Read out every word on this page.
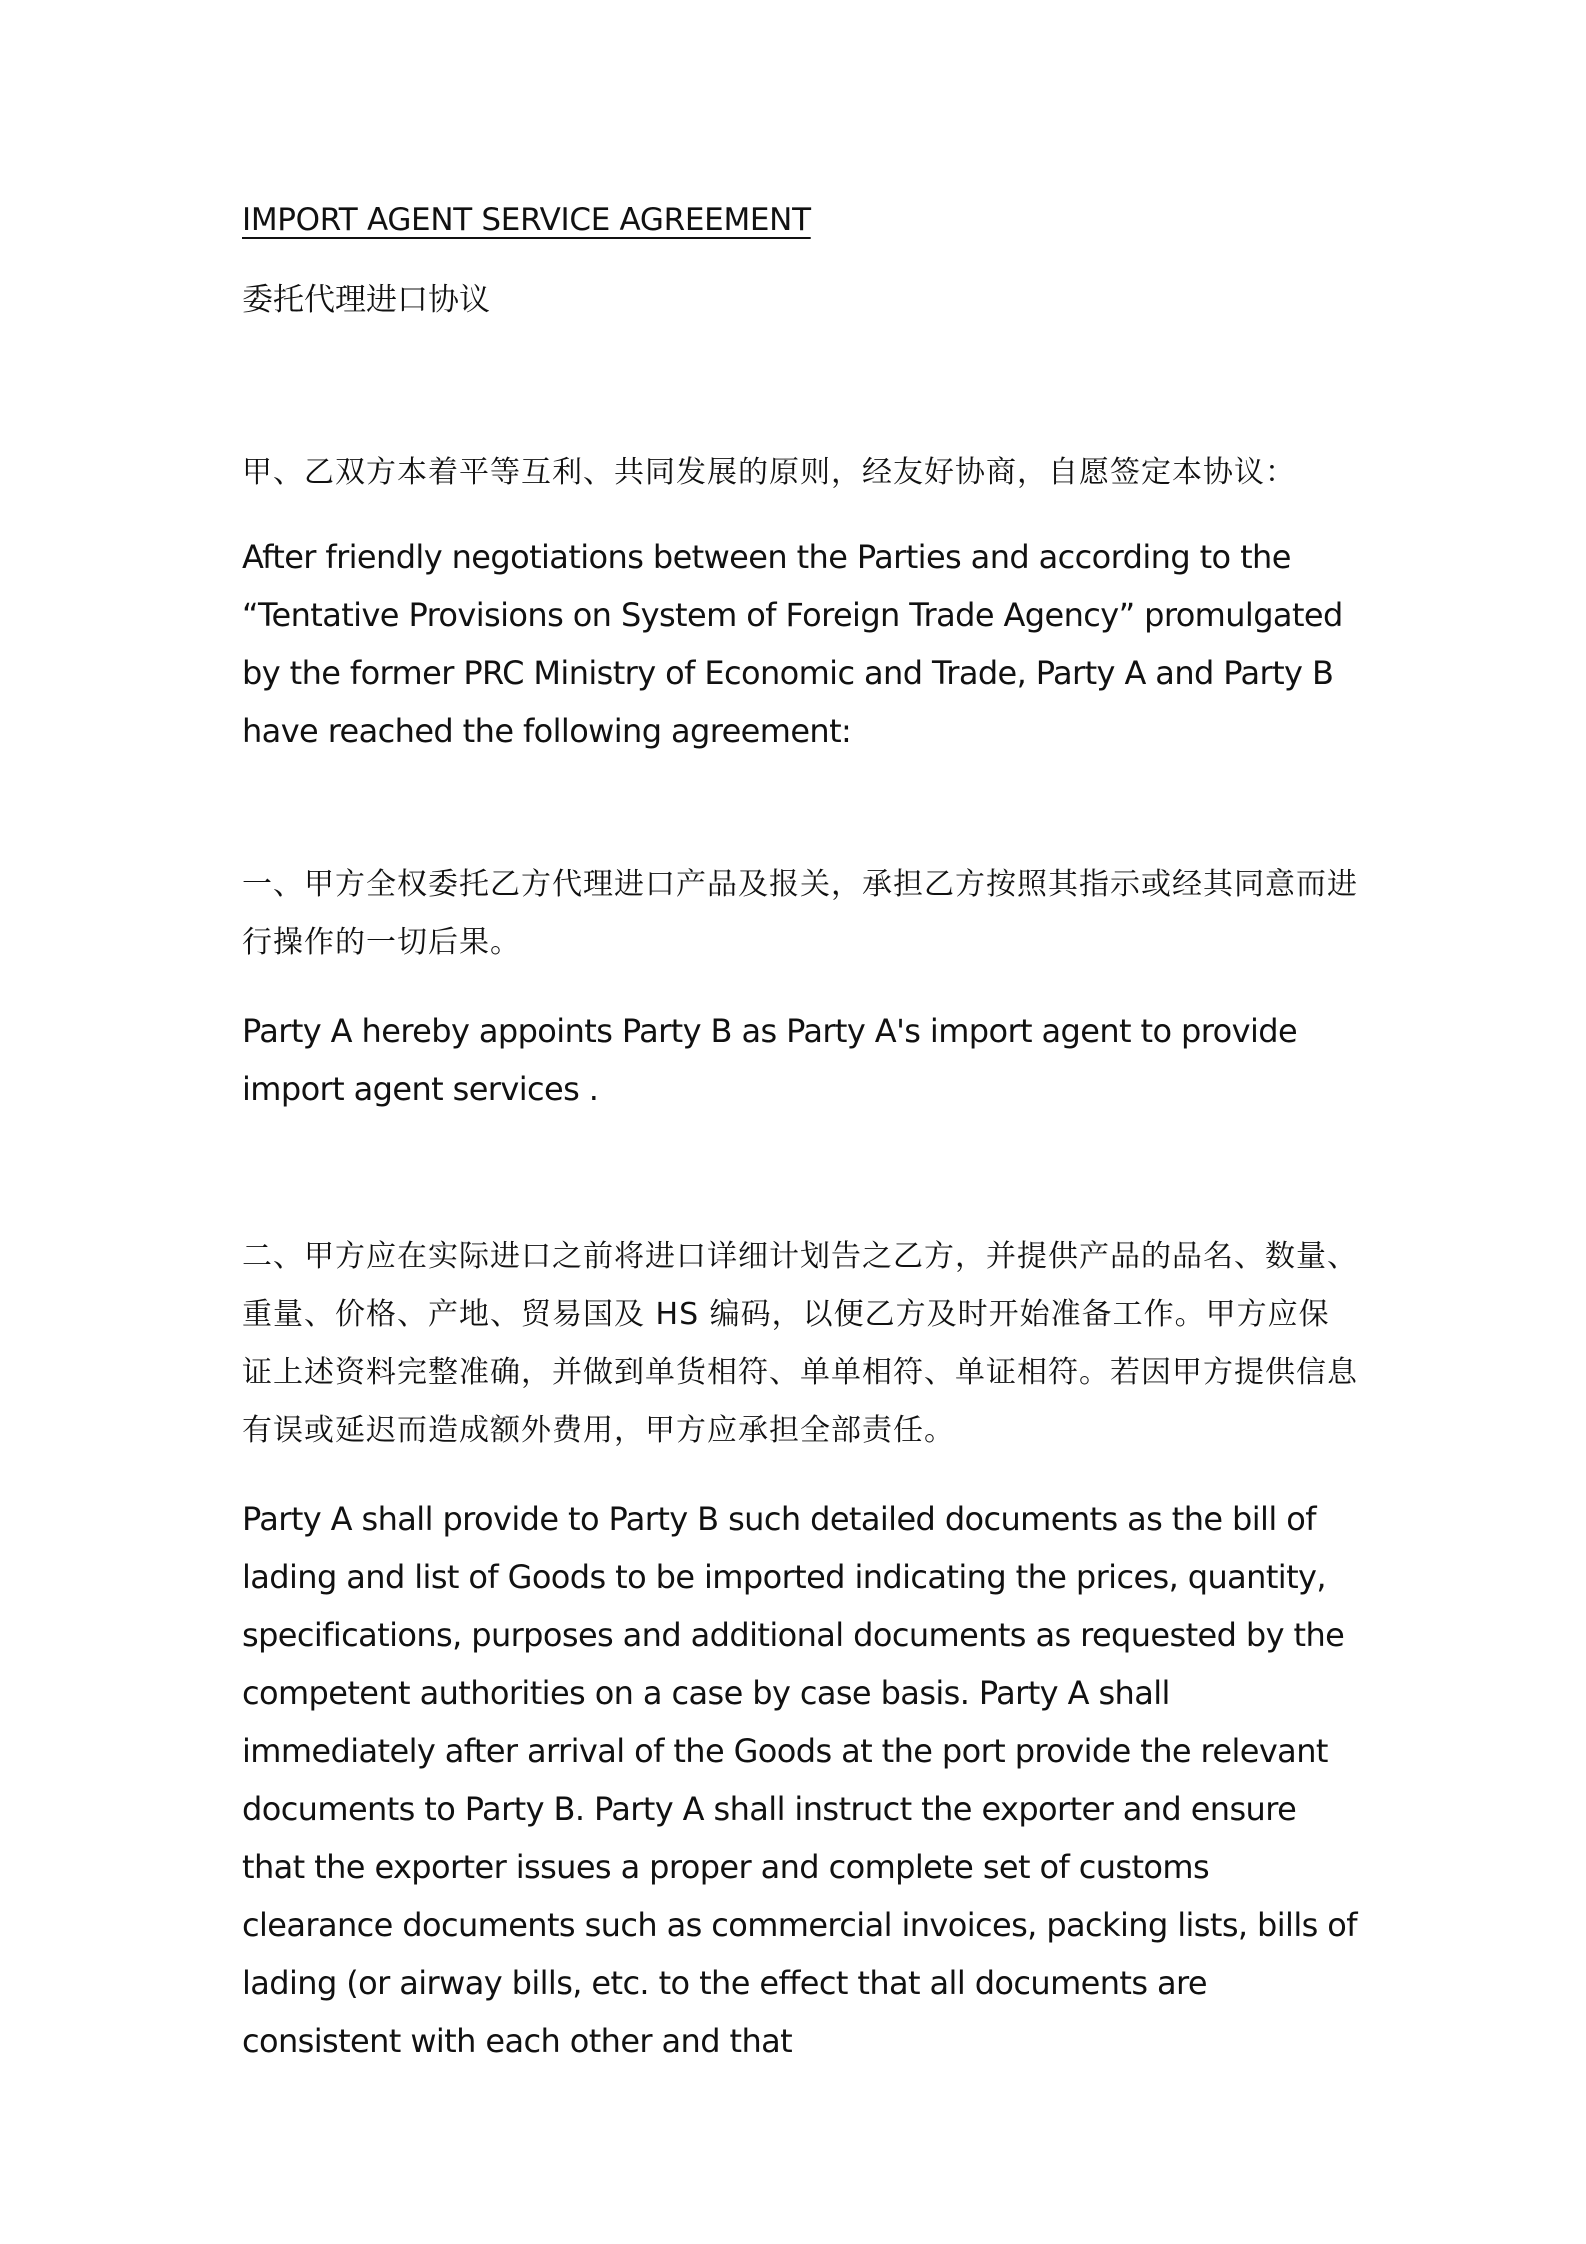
IMPORT AGENT SERVICE AGREEMENT

委托代理进口协议

甲、乙双方本着平等互利、共同发展的原则，经友好协商，自愿签定本协议：

After friendly negotiations between the Parties and according to the “Tentative Provisions on System of Foreign Trade Agency” promulgated by the former PRC Ministry of Economic and Trade, Party A and Party B have reached the following agreement:

一、甲方全权委托乙方代理进口产品及报关，承担乙方按照其指示或经其同意而进行操作的一切后果。

Party A hereby appoints Party B as Party A's import agent to provide import agent services .

二、甲方应在实际进口之前将进口详细计划告之乙方，并提供产品的品名、数量、重量、价格、产地、贸易国及 HS 编码，以便乙方及时开始准备工作。甲方应保证上述资料完整准确，并做到单货相符、单单相符、单证相符。若因甲方提供信息有误或延迟而造成额外费用，甲方应承担全部责任。

Party A shall provide to Party B such detailed documents as the bill of lading and list of Goods to be imported indicating the prices, quantity, specifications, purposes and additional documents as requested by the competent authorities on a case by case basis. Party A shall immediately after arrival of the Goods at the port provide the relevant documents to Party B. Party A shall instruct the exporter and ensure that the exporter issues a proper and complete set of customs clearance documents such as commercial invoices, packing lists, bills of lading (or airway bills, etc. to the effect that all documents are consistent with each other and that
